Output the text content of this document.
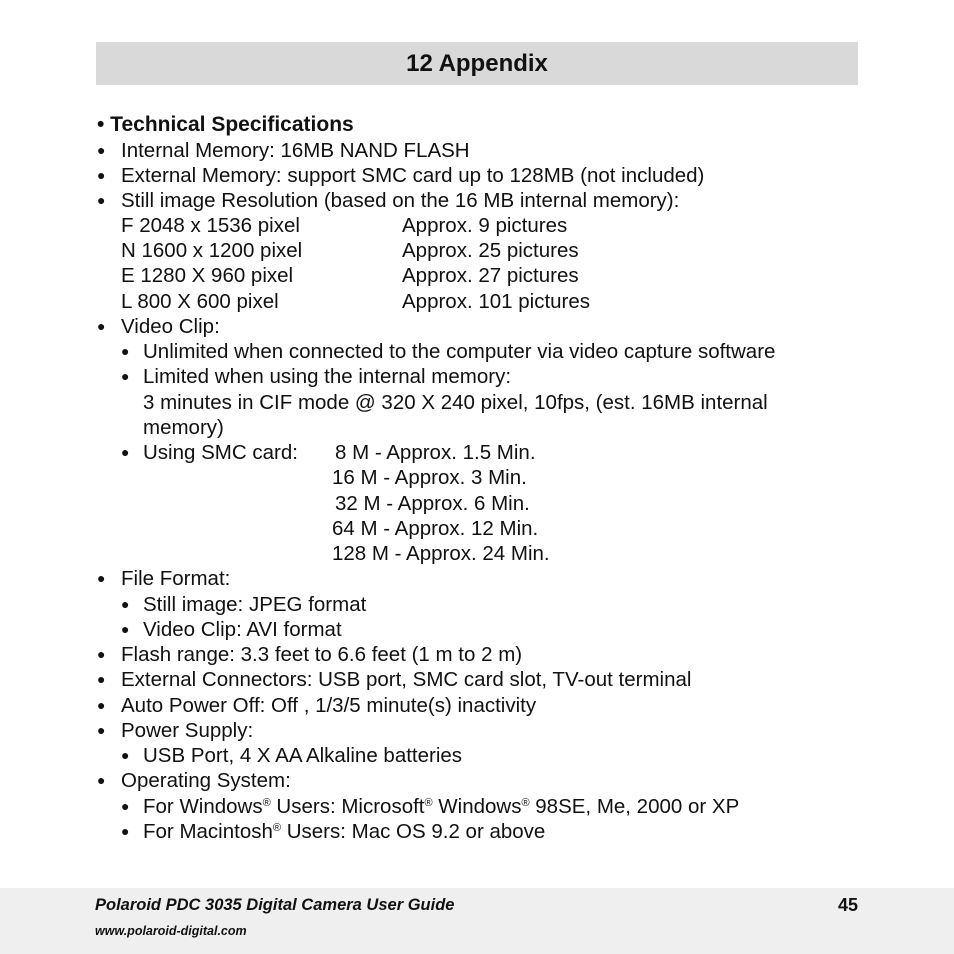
12 Appendix
• Technical Specifications
● Internal Memory: 16MB NAND FLASH
● External Memory: support SMC card up to 128MB (not included)
● Still image Resolution (based on the 16 MB internal memory):
F 2048 x 1536 pixel	Approx. 9 pictures
N 1600 x 1200 pixel	Approx. 25 pictures
E 1280 X 960 pixel	Approx. 27 pictures
L 800 X 600 pixel	Approx. 101 pictures
● Video Clip:
● Unlimited when connected to the computer via video capture software
● Limited when using the internal memory:
3 minutes in CIF mode @ 320 X 240 pixel, 10fps, (est. 16MB internal
memory)
● Using SMC card: 8 M - Approx. 1.5 Min.
16 M - Approx. 3 Min.
32 M - Approx. 6 Min.
64 M - Approx. 12 Min.
128 M - Approx. 24 Min.
● File Format:
● Still image: JPEG format
● Video Clip: AVI format
● Flash range: 3.3 feet to 6.6 feet (1 m to 2 m)
● External Connectors: USB port, SMC card slot, TV-out terminal
● Auto Power Off: Off , 1/3/5 minute(s) inactivity
● Power Supply:
● USB Port, 4 X AA Alkaline batteries
● Operating System:
● For Windows® Users: Microsoft® Windows® 98SE, Me, 2000 or XP
● For Macintosh® Users: Mac OS 9.2 or above
Polaroid PDC 3035 Digital Camera User Guide	45
www.polaroid-digital.com
